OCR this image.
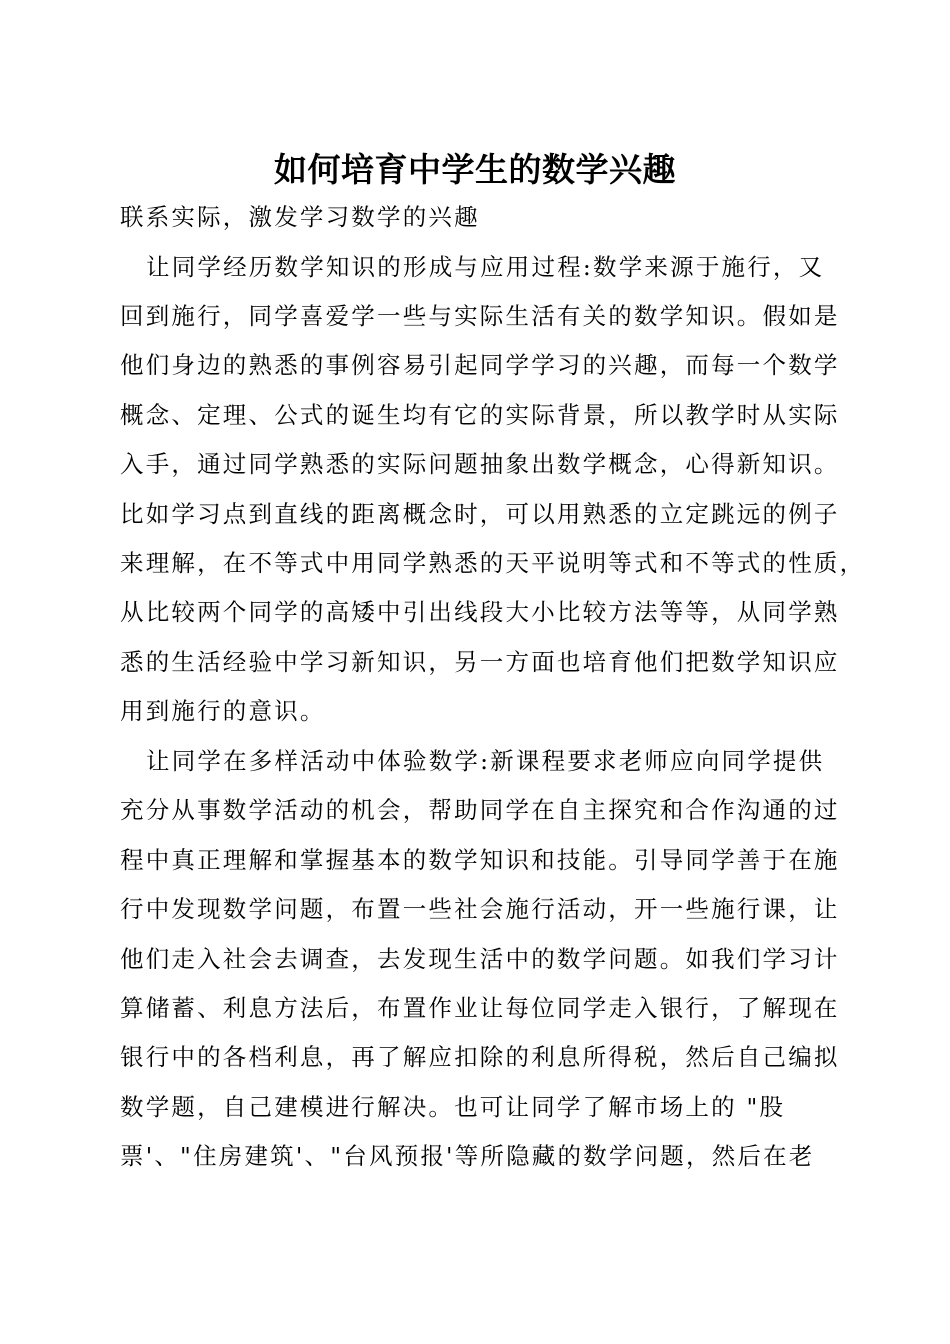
如何培育中学生的数学兴趣

联系实际，激发学习数学的兴趣

让同学经历数学知识的形成与应用过程:数学来源于施行，又

回到施行，同学喜爱学一些与实际生活有关的数学知识。假如是

他们身边的熟悉的事例容易引起同学学习的兴趣，而每一个数学

概念、定理、公式的诞生均有它的实际背景，所以教学时从实际

入手，通过同学熟悉的实际问题抽象出数学概念，心得新知识。

比如学习点到直线的距离概念时，可以用熟悉的立定跳远的例子

来理解，在不等式中用同学熟悉的天平说明等式和不等式的性质，

从比较两个同学的高矮中引出线段大小比较方法等等，从同学熟

悉的生活经验中学习新知识，另一方面也培育他们把数学知识应

用到施行的意识。

让同学在多样活动中体验数学:新课程要求老师应向同学提供

充分从事数学活动的机会，帮助同学在自主探究和合作沟通的过

程中真正理解和掌握基本的数学知识和技能。引导同学善于在施

行中发现数学问题，布置一些社会施行活动，开一些施行课，让

他们走入社会去调查，去发现生活中的数学问题。如我们学习计

算储蓄、利息方法后，布置作业让每位同学走入银行，了解现在

银行中的各档利息，再了解应扣除的利息所得税，然后自己编拟

数学题，自己建模进行解决。也可让同学了解市场上的 "股

票'、"住房建筑'、"台风预报'等所隐藏的数学问题，然后在老
